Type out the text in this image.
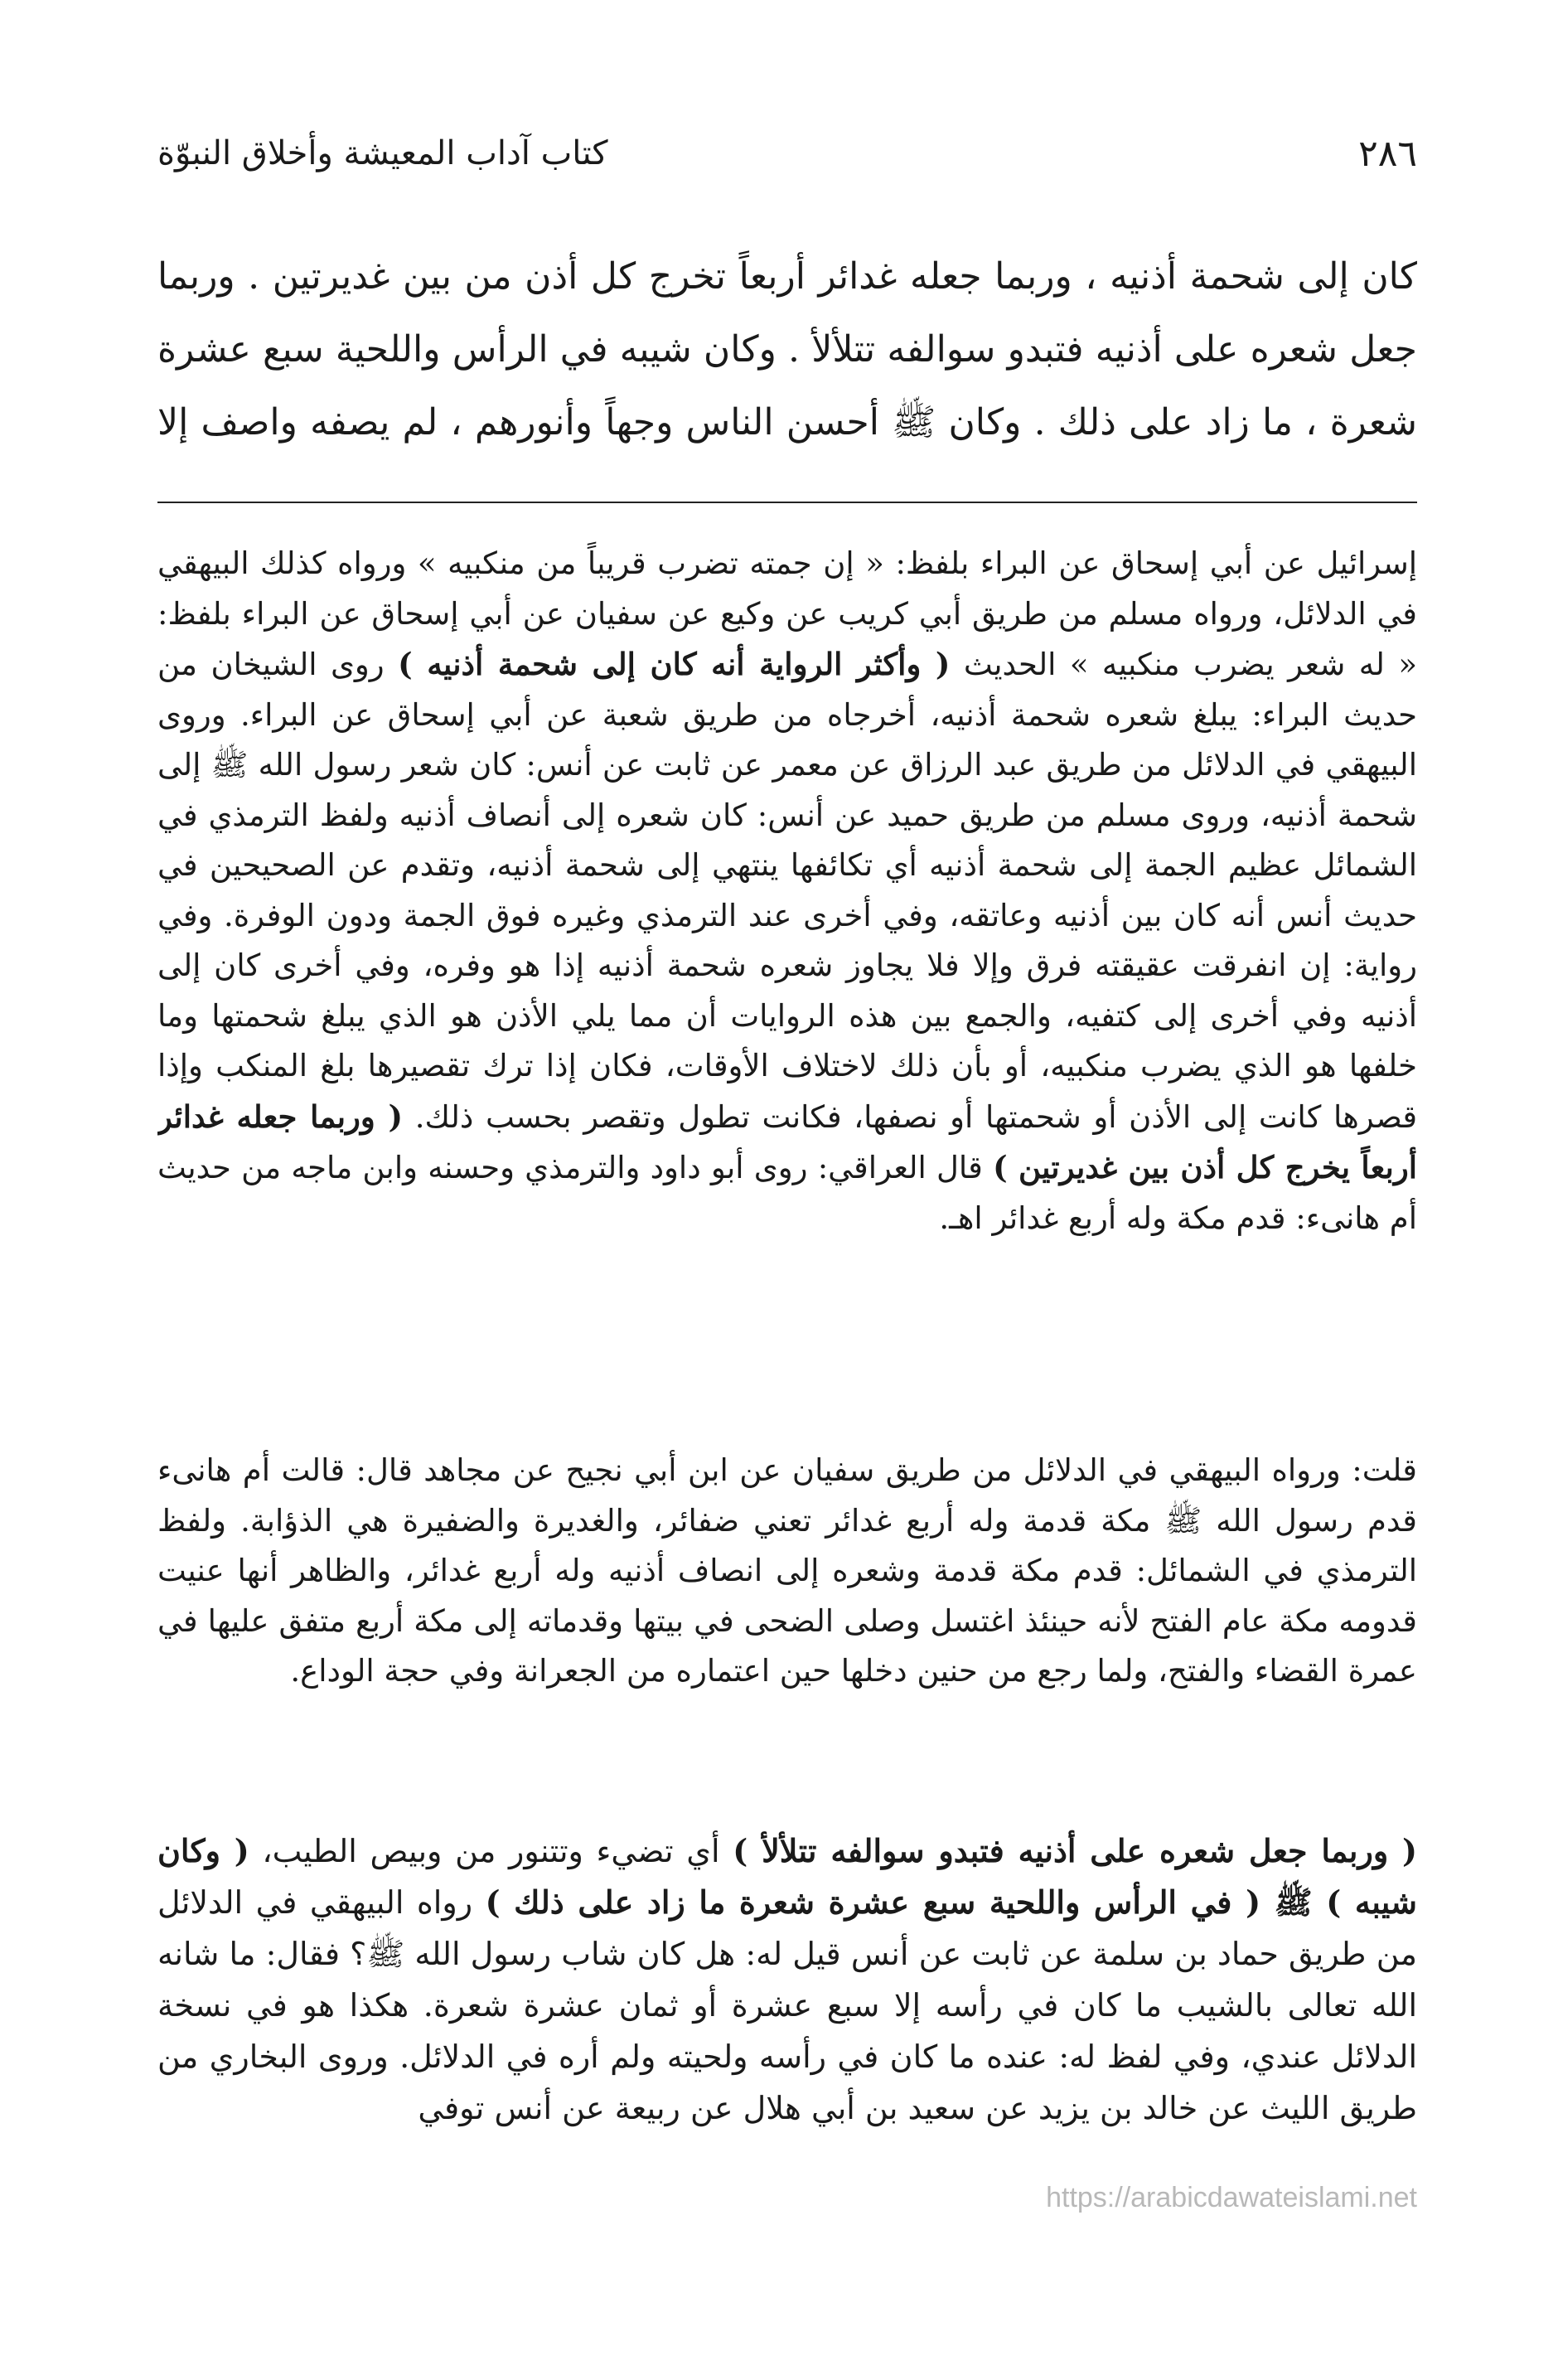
٢٨٦
كتاب آداب المعيشة وأخلاق النبوّة

كان إلى شحمة أذنيه ، وربما جعله غدائر أربعاً تخرج كل أذن من بين غديرتين . وربما جعل شعره على أذنيه فتبدو سوالفه تتلألأ . وكان شيبه في الرأس واللحية سبع عشرة شعرة ، ما زاد على ذلك . وكان ﷺ أحسن الناس وجهاً وأنورهم ، لم يصفه واصف إلا

إسرائيل عن أبي إسحاق عن البراء بلفظ: « إن جمته تضرب قريباً من منكبيه » ورواه كذلك البيهقي في الدلائل، ورواه مسلم من طريق أبي كريب عن وكيع عن سفيان عن أبي إسحاق عن البراء بلفظ: « له شعر يضرب منكبيه » الحديث ( وأكثر الرواية أنه كان إلى شحمة أذنيه ) روى الشيخان من حديث البراء: يبلغ شعره شحمة أذنيه، أخرجاه من طريق شعبة عن أبي إسحاق عن البراء. وروى البيهقي في الدلائل من طريق عبد الرزاق عن معمر عن ثابت عن أنس: كان شعر رسول الله ﷺ إلى شحمة أذنيه، وروى مسلم من طريق حميد عن أنس: كان شعره إلى أنصاف أذنيه ولفظ الترمذي في الشمائل عظيم الجمة إلى شحمة أذنيه أي تكائفها ينتهي إلى شحمة أذنيه، وتقدم عن الصحيحين في حديث أنس أنه كان بين أذنيه وعاتقه، وفي أخرى عند الترمذي وغيره فوق الجمة ودون الوفرة. وفي رواية: إن انفرقت عقيقته فرق وإلا فلا يجاوز شعره شحمة أذنيه إذا هو وفره، وفي أخرى كان إلى أذنيه وفي أخرى إلى كتفيه، والجمع بين هذه الروايات أن مما يلي الأذن هو الذي يبلغ شحمتها وما خلفها هو الذي يضرب منكبيه، أو بأن ذلك لاختلاف الأوقات، فكان إذا ترك تقصيرها بلغ المنكب وإذا قصرها كانت إلى الأذن أو شحمتها أو نصفها، فكانت تطول وتقصر بحسب ذلك. ( وربما جعله غدائر أربعاً يخرج كل أذن بين غديرتين ) قال العراقي: روى أبو داود والترمذي وحسنه وابن ماجه من حديث أم هانىء: قدم مكة وله أربع غدائر اهـ.

قلت: ورواه البيهقي في الدلائل من طريق سفيان عن ابن أبي نجيح عن مجاهد قال: قالت أم هانىء قدم رسول الله ﷺ مكة قدمة وله أربع غدائر تعني ضفائر، والغديرة والضفيرة هي الذؤابة. ولفظ الترمذي في الشمائل: قدم مكة قدمة وشعره إلى انصاف أذنيه وله أربع غدائر، والظاهر أنها عنيت قدومه مكة عام الفتح لأنه حينئذ اغتسل وصلى الضحى في بيتها وقدماته إلى مكة أربع متفق عليها في عمرة القضاء والفتح، ولما رجع من حنين دخلها حين اعتماره من الجعرانة وفي حجة الوداع.

( وربما جعل شعره على أذنيه فتبدو سوالفه تتلألأ ) أي تضيء وتتنور من وبيص الطيب، ( وكان شيبه ) ﷺ ( في الرأس واللحية سبع عشرة شعرة ما زاد على ذلك ) رواه البيهقي في الدلائل من طريق حماد بن سلمة عن ثابت عن أنس قيل له: هل كان شاب رسول الله ﷺ؟ فقال: ما شانه الله تعالى بالشيب ما كان في رأسه إلا سبع عشرة أو ثمان عشرة شعرة. هكذا هو في نسخة الدلائل عندي، وفي لفظ له: عنده ما كان في رأسه ولحيته ولم أره في الدلائل. وروى البخاري من طريق الليث عن خالد بن يزيد عن سعيد بن أبي هلال عن ربيعة عن أنس توفي

https://arabicdawateislami.net
